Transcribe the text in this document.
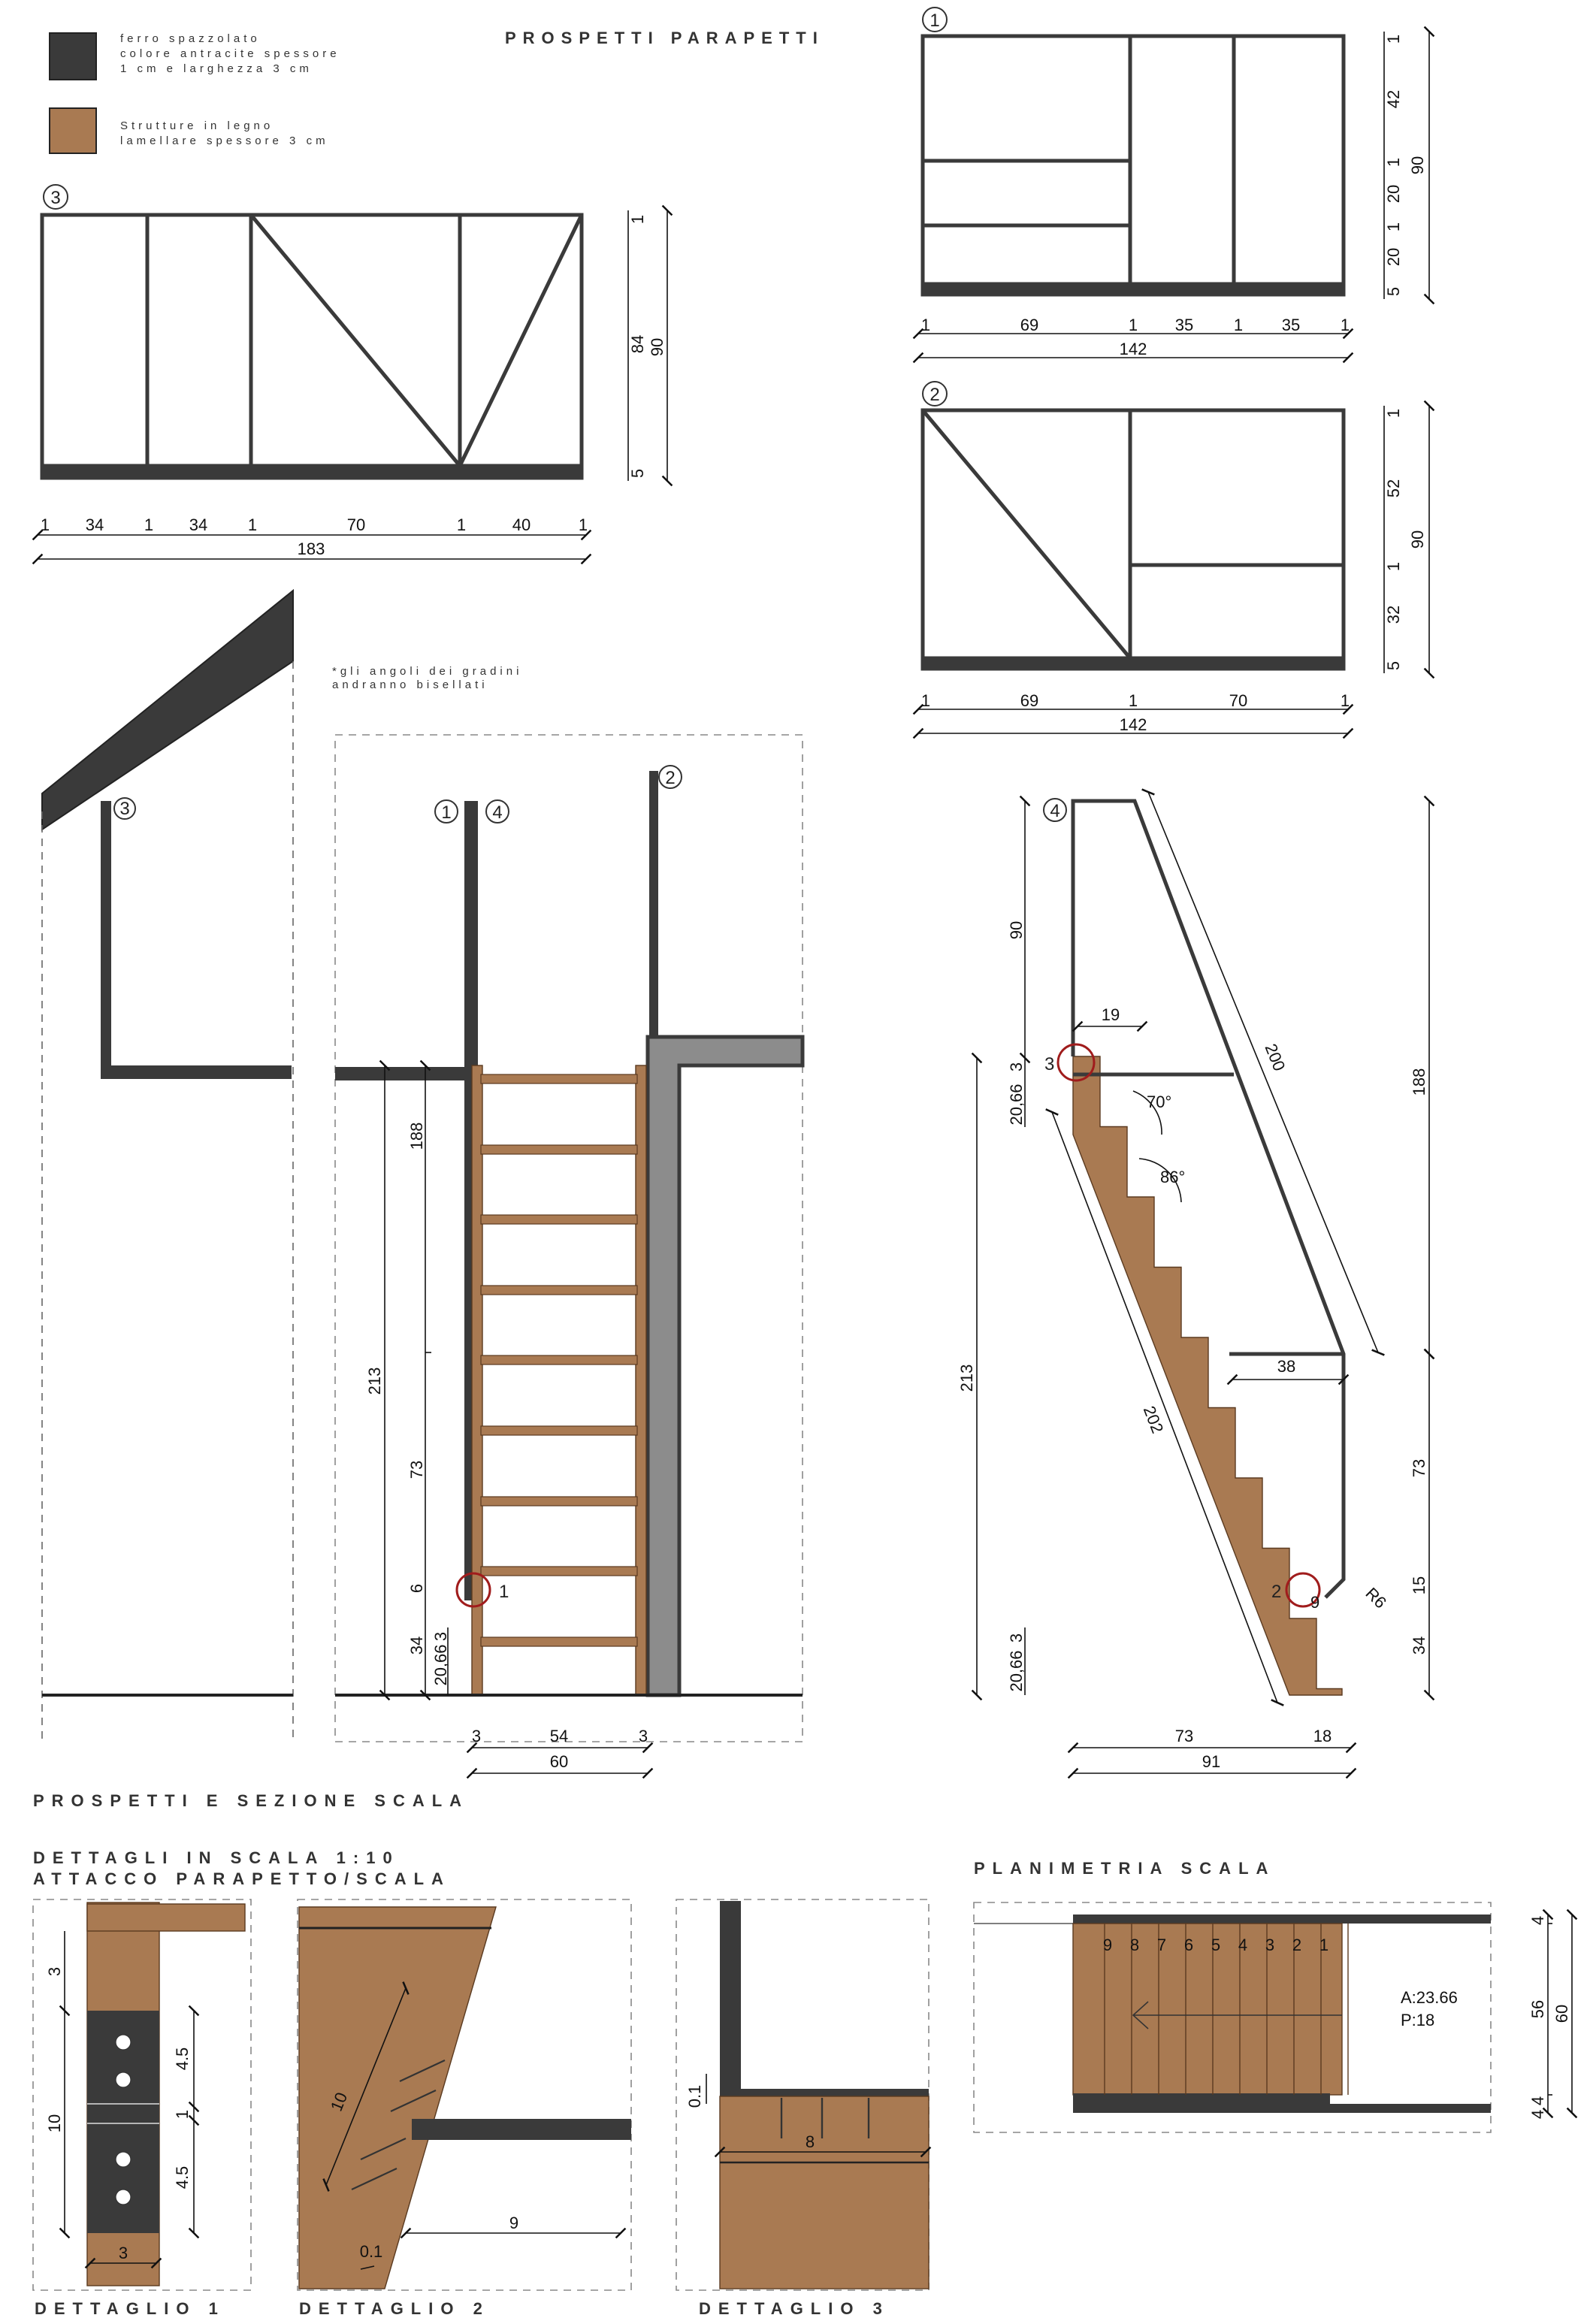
ferro spazzolato
colore antracite spessore
1 cm e larghezza 3 cm
Strutture in legno
lamellare spessore 3 cm
PROSPETTI PARAPETTI
1
1	69	1 35 1 35 1
142
1
42
1
20
1
20
5
90
2
1	69	1	70	1
142
1
52
1
32
5
90
3
1 34 1 34 1	70	1	40	1
183
1
84
5
90
3	1 4
2
1
213
188
73
6
34 20,66
3
3	54	3
60
*gli angoli dei gradini
andranno bisellati
4
3
2
90
20,66
3
213
20,66
3
188
73
15
34
19
70°
86°
200
202
38
R6
9
73	18
91
PROSPETTI E SEZIONE SCALA
DETTAGLI IN SCALA 1:10
ATTACCO PARAPETTO/SCALA
PLANIMETRIA SCALA
3
10
4.5
1
4.5
3
DETTAGLIO 1
10
9
0.1
DETTAGLIO 2
0.1
8
DETTAGLIO 3
9 8 7 6 5 4 3 2 1
A:23.66
P:18
4
56
4
4
60
